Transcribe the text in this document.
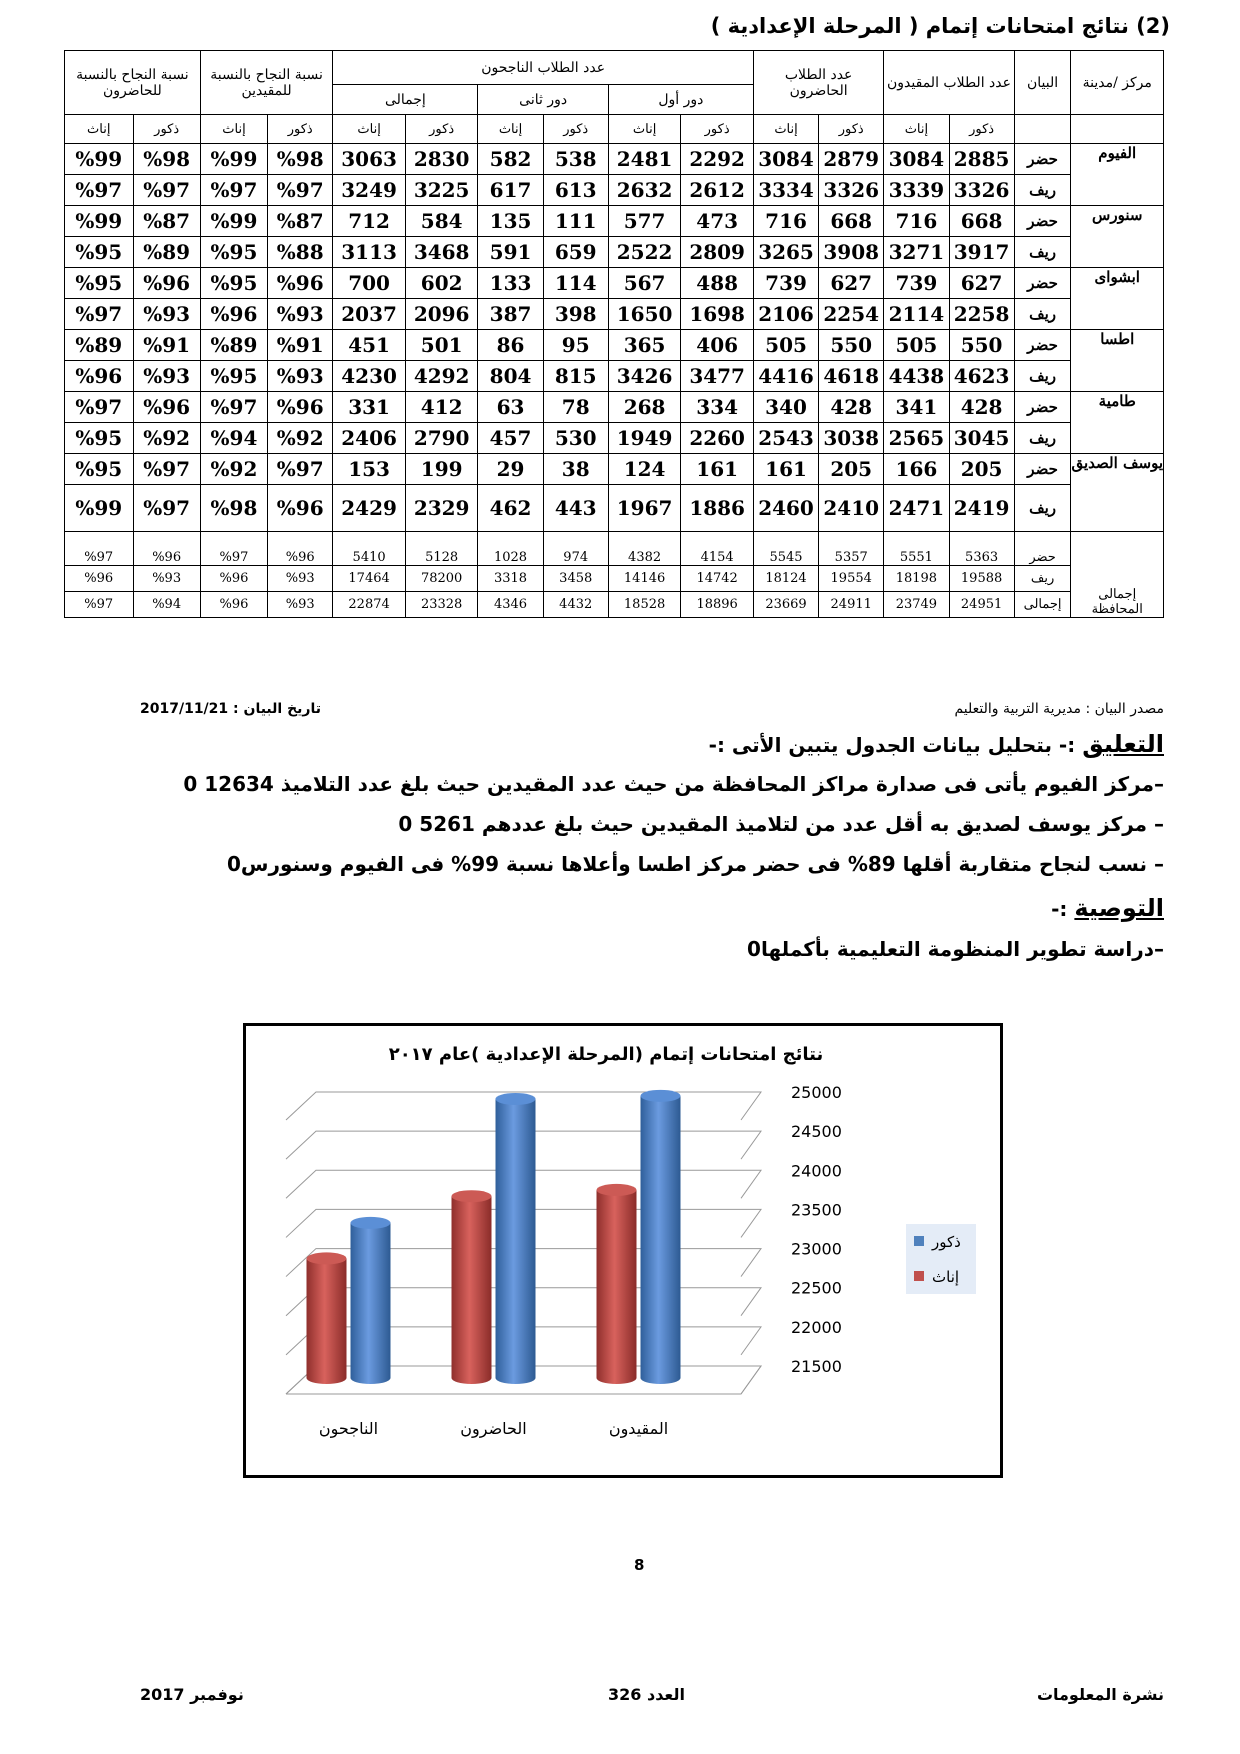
(2) نتائج امتحانات إتمام ( المرحلة الإعدادية )
مركز /مدينة	البيان	عدد الطلاب المقيدون		عدد الطلاب الحاضرون		عدد الطلاب الناجحون						نسبة النجاح بالنسبة للمقيدين		نسبة النجاح بالنسبة للحاضرون	
						دور أول		دور ثانى		إجمالى					
		ذكور	إناث	ذكور	إناث	ذكور	إناث	ذكور	إناث	ذكور	إناث	ذكور	إناث	ذكور	إناث
الفيوم	حضر	2885	3084	2879	3084	2292	2481	538	582	2830	3063	%98	%99	%98	%99
	ريف	3326	3339	3326	3334	2612	2632	613	617	3225	3249	%97	%97	%97	%97
سنورس	حضر	668	716	668	716	473	577	111	135	584	712	%87	%99	%87	%99
	ريف	3917	3271	3908	3265	2809	2522	659	591	3468	3113	%88	%95	%89	%95
ابشواى	حضر	627	739	627	739	488	567	114	133	602	700	%96	%95	%96	%95
	ريف	2258	2114	2254	2106	1698	1650	398	387	2096	2037	%93	%96	%93	%97
اطسا	حضر	550	505	550	505	406	365	95	86	501	451	%91	%89	%91	%89
	ريف	4623	4438	4618	4416	3477	3426	815	804	4292	4230	%93	%95	%93	%96
طامية	حضر	428	341	428	340	334	268	78	63	412	331	%96	%97	%96	%97
	ريف	3045	2565	3038	2543	2260	1949	530	457	2790	2406	%92	%94	%92	%95
يوسف الصديق	حضر	205	166	205	161	161	124	38	29	199	153	%97	%92	%97	%95
	ريف	2419	2471	2410	2460	1886	1967	443	462	2329	2429	%96	%98	%97	%99
إجمالى المحافظة	حضر	5363	5551	5357	5545	4154	4382	974	1028	5128	5410	%96	%97	%96	%97
	ريف	19588	18198	19554	18124	14742	14146	3458	3318	78200	17464	%93	%96	%93	%96
	إجمالى	24951	23749	24911	23669	18896	18528	4432	4346	23328	22874	%93	%96	%94	%97
مصدر البيان : مديرية التربية والتعليم
تاريخ البيان : 2017/11/21
التعليق :- بتحليل بيانات الجدول يتبين الأتى :-
–مركز الفيوم يأتى فى صدارة مراكز المحافظة من حيث عدد المقيدين حيث بلغ عدد التلاميذ 12634 0
– مركز يوسف لصديق به أقل عدد من لتلاميذ المقيدين حيث بلغ عددهم 5261 0
– نسب لنجاح متقاربة أقلها 89% فى حضر مركز اطسا وأعلاها نسبة 99% فى الفيوم وسنورس0
التوصية :-
–دراسة تطوير المنظومة التعليمية بأكملها0
نتائج امتحانات إتمام (المرحلة الإعدادية )عام ٢٠١٧
25000
24500
24000
23500
23000
22500
22000
21500
المقيدون
الحاضرون
الناجحون
ذكور
إناث
8
نشرة المعلومات
العدد 326
نوفمبر 2017
